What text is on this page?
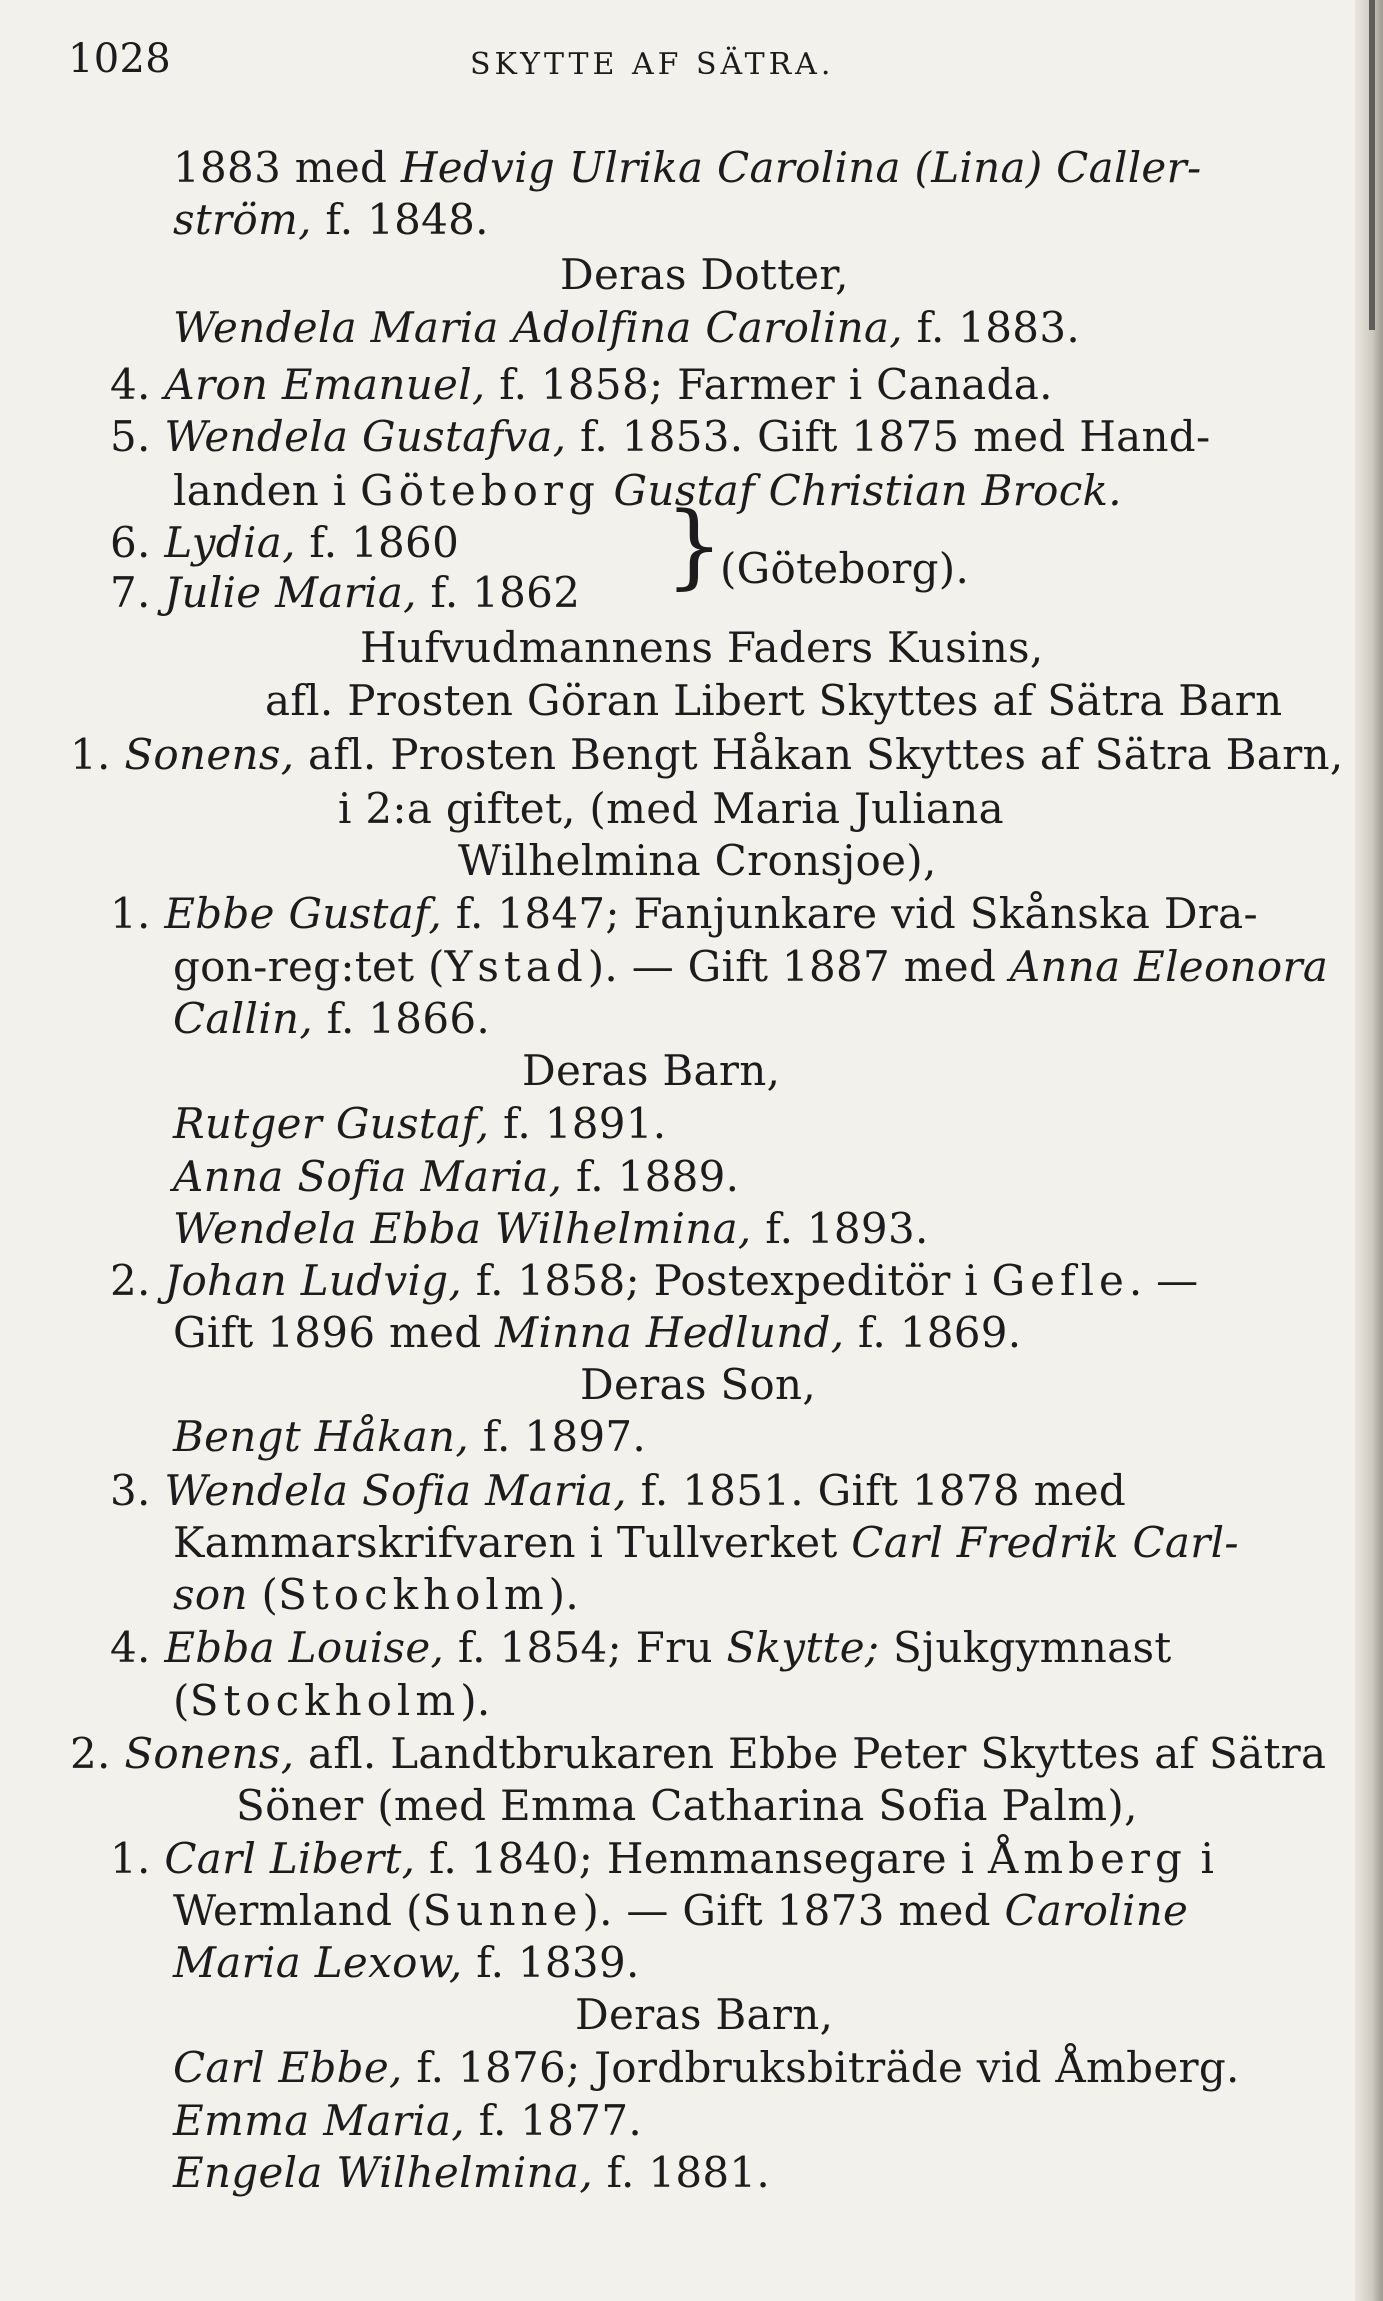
1028	SKYTTE AF SÄTRA.
1883 med Hedvig Ulrika Carolina (Lina) Caller-
ström, f. 1848.
Deras Dotter,
Wendela Maria Adolfina Carolina, f. 1883.
4. Aron Emanuel, f. 1858; Farmer i Canada.
5. Wendela Gustafva, f. 1853. Gift 1875 med Hand-
landen i Göteborg Gustaf Christian Brock.
6. Lydia, f. 1860
7. Julie Maria, f. 1862 }
(Göteborg).
Hufvudmannens Faders Kusins,
afl. Prosten Göran Libert Skyttes af Sätra Barn
1. Sonens, afl. Prosten Bengt Håkan Skyttes af Sätra Barn,
i 2:a giftet, (med Maria Juliana
Wilhelmina Cronsjoe),
1. Ebbe Gustaf, f. 1847; Fanjunkare vid Skånska Dra-
gon-reg:tet (Ystad). — Gift 1887 med Anna Eleonora
Callin, f. 1866.
Deras Barn,
Rutger Gustaf, f. 1891.
Anna Sofia Maria, f. 1889.
Wendela Ebba Wilhelmina, f. 1893.
2. Johan Ludvig, f. 1858; Postexpeditör i Gefle. —
Gift 1896 med Minna Hedlund, f. 1869.
Deras Son,
Bengt Håkan, f. 1897.
3. Wendela Sofia Maria, f. 1851. Gift 1878 med
Kammarskrifvaren i Tullverket Carl Fredrik Carl-
son (Stockholm).
4. Ebba Louise, f. 1854; Fru Skytte; Sjukgymnast
(Stockholm).
2. Sonens, afl. Landtbrukaren Ebbe Peter Skyttes af Sätra
Söner (med Emma Catharina Sofia Palm),
1. Carl Libert, f. 1840; Hemmansegare i Åmberg i
Wermland (Sunne). — Gift 1873 med Caroline
Maria Lexow, f. 1839.
Deras Barn,
Carl Ebbe, f. 1876; Jordbruksbiträde vid Åmberg.
Emma Maria, f. 1877.
Engela Wilhelmina, f. 1881.
